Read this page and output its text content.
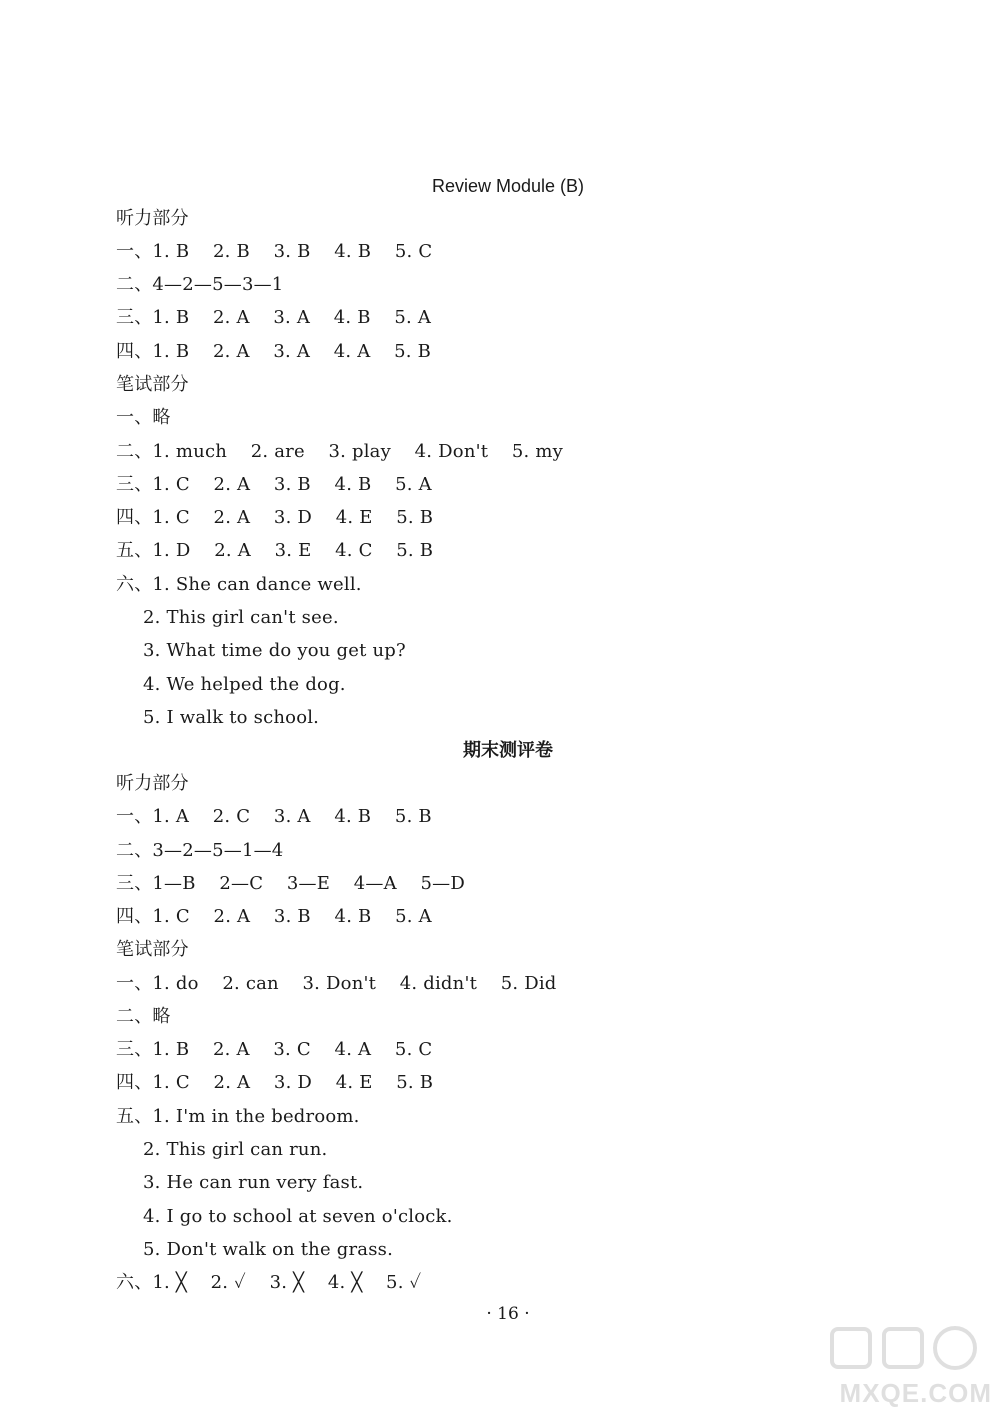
Review Module (B)
听力部分
一、1. B    2. B    3. B    4. B    5. C
二、4—2—5—3—1
三、1. B    2. A    3. A    4. B    5. A
四、1. B    2. A    3. A    4. A    5. B
笔试部分
一、略
二、1. much    2. are    3. play    4. Don't    5. my
三、1. C    2. A    3. B    4. B    5. A
四、1. C    2. A    3. D    4. E    5. B
五、1. D    2. A    3. E    4. C    5. B
六、1. She can dance well.
2. This girl can't see.
3. What time do you get up?
4. We helped the dog.
5. I walk to school.
期末测评卷
听力部分
一、1. A    2. C    3. A    4. B    5. B
二、3—2—5—1—4
三、1—B    2—C    3—E    4—A    5—D
四、1. C    2. A    3. B    4. B    5. A
笔试部分
一、1. do    2. can    3. Don't    4. didn't    5. Did
二、略
三、1. B    2. A    3. C    4. A    5. C
四、1. C    2. A    3. D    4. E    5. B
五、1. I'm in the bedroom.
2. This girl can run.
3. He can run very fast.
4. I go to school at seven o'clock.
5. Don't walk on the grass.
六、1. ╳    2. ✓    3. ╳    4. ╳    5. ✓
· 16 ·
MXQE.COM
